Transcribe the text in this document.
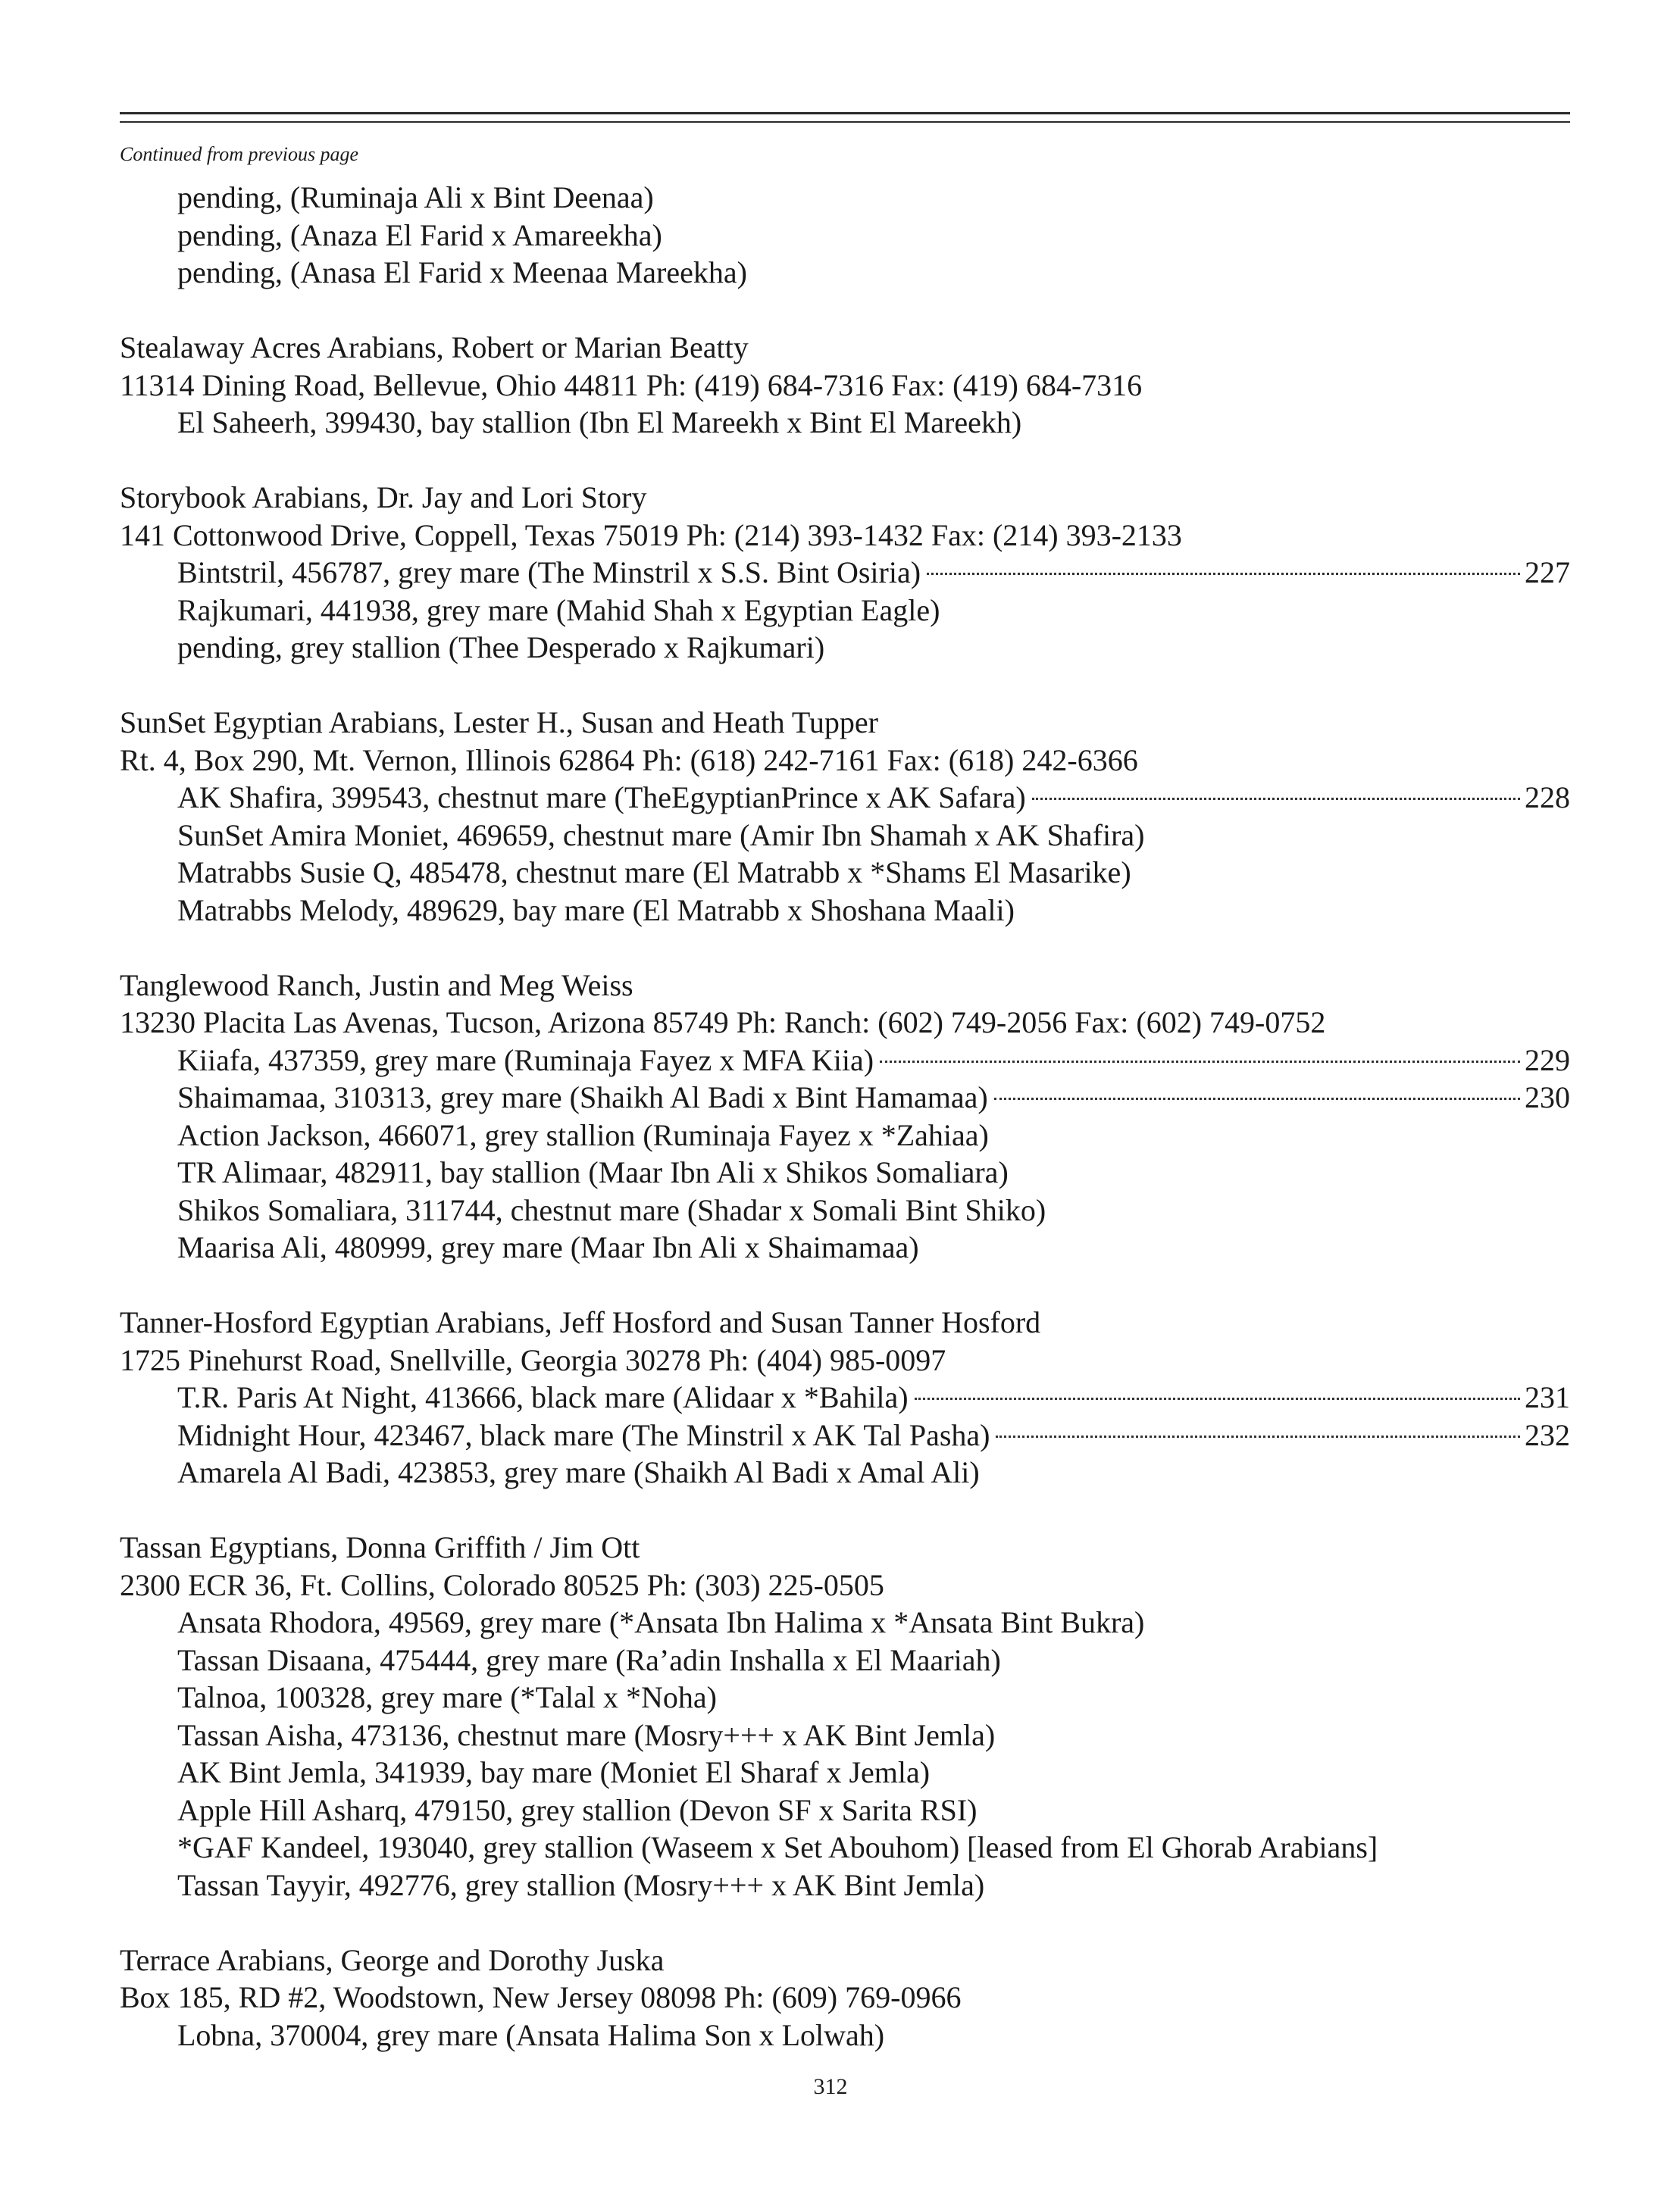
Continued from previous page
pending, (Ruminaja Ali x Bint Deenaa)
pending, (Anaza El Farid x Amareekha)
pending, (Anasa El Farid x Meenaa Mareekha)
Stealaway Acres Arabians, Robert or Marian Beatty
11314 Dining Road, Bellevue, Ohio 44811 Ph: (419) 684-7316 Fax: (419) 684-7316
El Saheerh, 399430, bay stallion (Ibn El Mareekh x Bint El Mareekh)
Storybook Arabians, Dr. Jay and Lori Story
141 Cottonwood Drive, Coppell, Texas 75019 Ph: (214) 393-1432 Fax: (214) 393-2133
Bintstril, 456787, grey mare (The Minstril x S.S. Bint Osiria)	227
Rajkumari, 441938, grey mare (Mahid Shah x Egyptian Eagle)
pending, grey stallion (Thee Desperado x Rajkumari)
SunSet Egyptian Arabians, Lester H., Susan and Heath Tupper
Rt. 4, Box 290, Mt. Vernon, Illinois 62864 Ph: (618) 242-7161 Fax: (618) 242-6366
AK Shafira, 399543, chestnut mare (TheEgyptianPrince x AK Safara)	228
SunSet Amira Moniet, 469659, chestnut mare (Amir Ibn Shamah x AK Shafira)
Matrabbs Susie Q, 485478, chestnut mare (El Matrabb x *Shams El Masarike)
Matrabbs Melody, 489629, bay mare (El Matrabb x Shoshana Maali)
Tanglewood Ranch, Justin and Meg Weiss
13230 Placita Las Avenas, Tucson, Arizona 85749 Ph: Ranch: (602) 749-2056 Fax: (602) 749-0752
Kiiafa, 437359, grey mare (Ruminaja Fayez x MFA Kiia)	229
Shaimamaa, 310313, grey mare (Shaikh Al Badi x Bint Hamamaa)	230
Action Jackson, 466071, grey stallion (Ruminaja Fayez x *Zahiaa)
TR Alimaar, 482911, bay stallion (Maar Ibn Ali x Shikos Somaliara)
Shikos Somaliara, 311744, chestnut mare (Shadar x Somali Bint Shiko)
Maarisa Ali, 480999, grey mare (Maar Ibn Ali x Shaimamaa)
Tanner-Hosford Egyptian Arabians, Jeff Hosford and Susan Tanner Hosford
1725 Pinehurst Road, Snellville, Georgia 30278 Ph: (404) 985-0097
T.R. Paris At Night, 413666, black mare (Alidaar x *Bahila)	231
Midnight Hour, 423467, black mare (The Minstril x AK Tal Pasha)	232
Amarela Al Badi, 423853, grey mare (Shaikh Al Badi x Amal Ali)
Tassan Egyptians, Donna Griffith / Jim Ott
2300 ECR 36, Ft. Collins, Colorado 80525 Ph: (303) 225-0505
Ansata Rhodora, 49569, grey mare (*Ansata Ibn Halima x *Ansata Bint Bukra)
Tassan Disaana, 475444, grey mare (Ra’adin Inshalla x El Maariah)
Talnoa, 100328, grey mare (*Talal x *Noha)
Tassan Aisha, 473136, chestnut mare (Mosry+++ x AK Bint Jemla)
AK Bint Jemla, 341939, bay mare (Moniet El Sharaf x Jemla)
Apple Hill Asharq, 479150, grey stallion (Devon SF x Sarita RSI)
*GAF Kandeel, 193040, grey stallion (Waseem x Set Abouhom) [leased from El Ghorab Arabians]
Tassan Tayyir, 492776, grey stallion (Mosry+++ x AK Bint Jemla)
Terrace Arabians, George and Dorothy Juska
Box 185, RD #2, Woodstown, New Jersey 08098 Ph: (609) 769-0966
Lobna, 370004, grey mare (Ansata Halima Son x Lolwah)
312
